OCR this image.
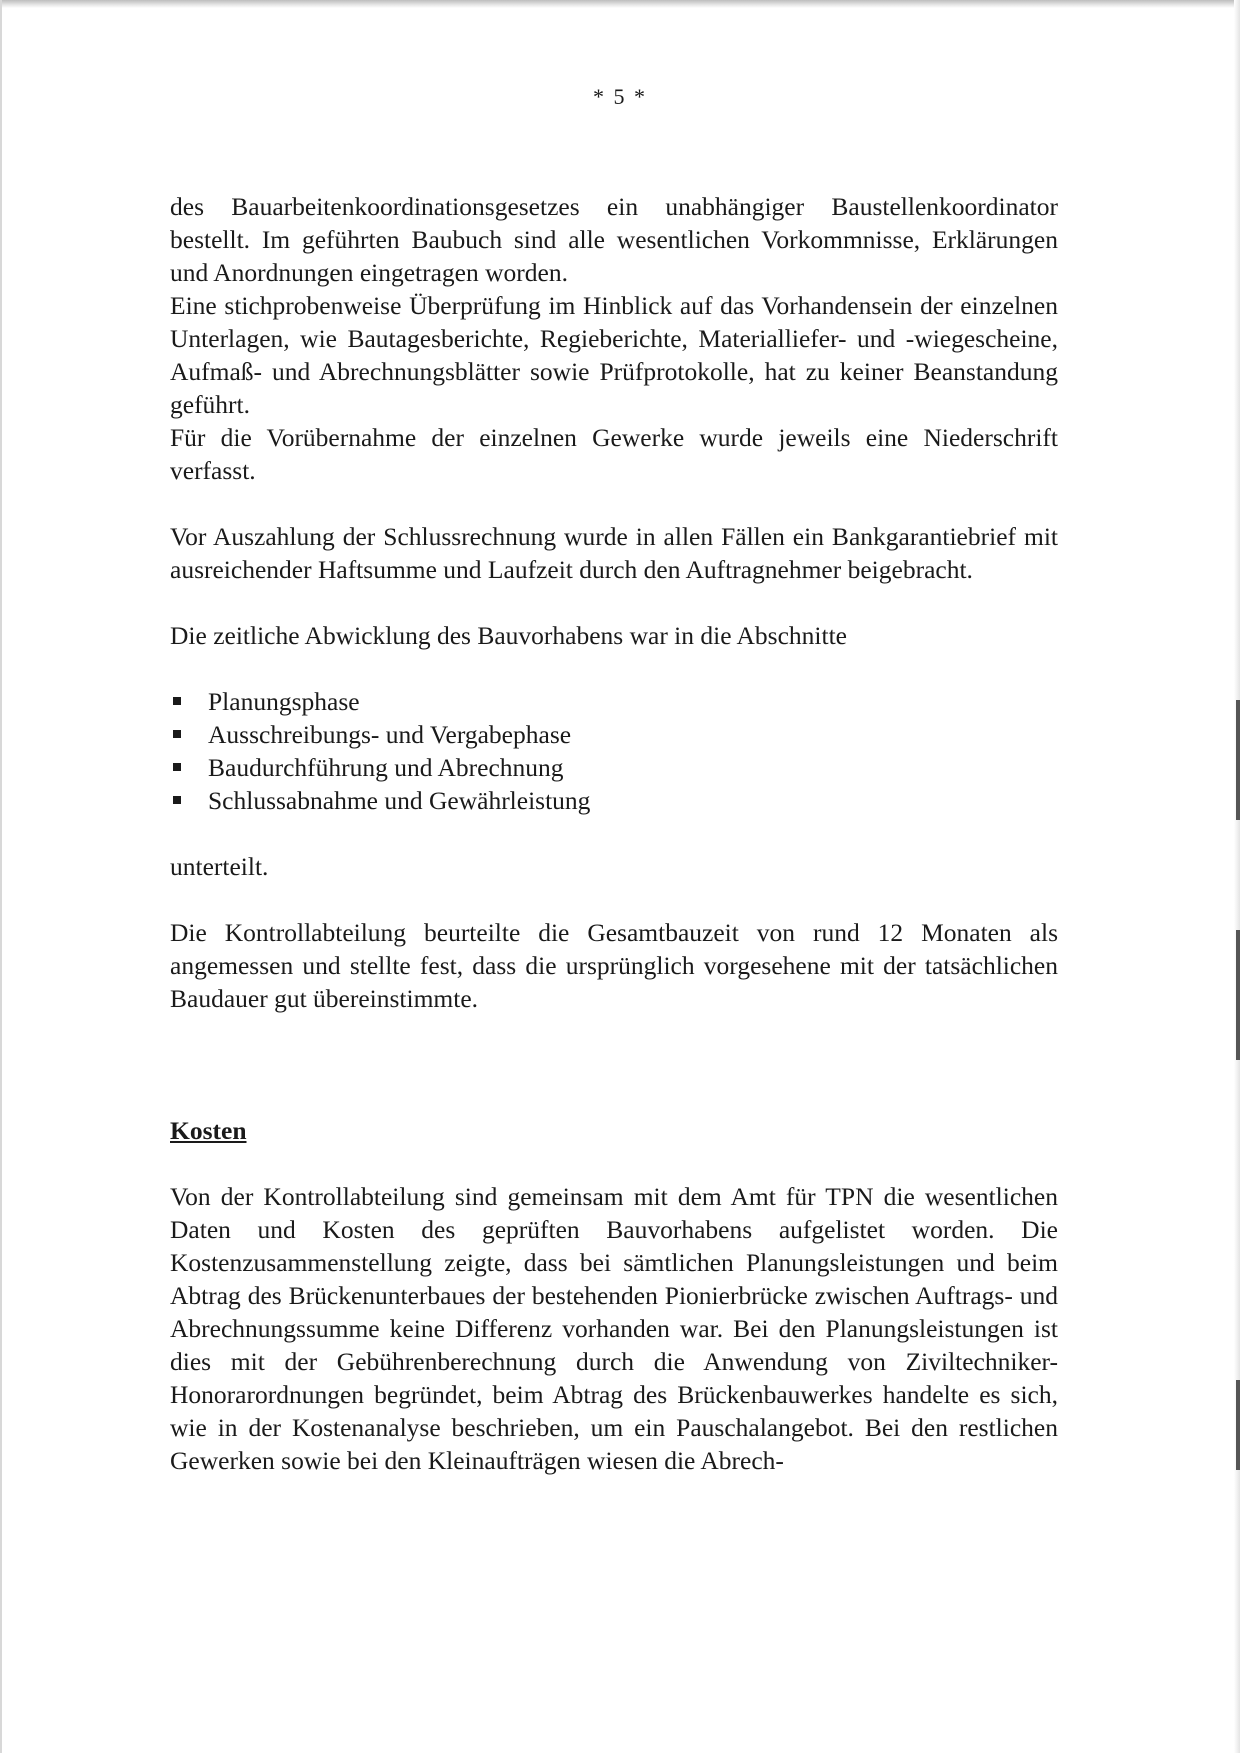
* 5 *

des Bauarbeitenkoordinationsgesetzes ein unabhängiger Baustellenkoordinator bestellt. Im geführten Baubuch sind alle wesentlichen Vorkommnisse, Erklärungen und Anordnungen eingetragen worden.

Eine stichprobenweise Überprüfung im Hinblick auf das Vorhandensein der einzelnen Unterlagen, wie Bautagesberichte, Regieberichte, Materialliefer- und -wiegescheine, Aufmaß- und Abrechnungsblätter sowie Prüfprotokolle, hat zu keiner Beanstandung geführt.

Für die Vorübernahme der einzelnen Gewerke wurde jeweils eine Niederschrift verfasst.

Vor Auszahlung der Schlussrechnung wurde in allen Fällen ein Bankgarantiebrief mit ausreichender Haftsumme und Laufzeit durch den Auftragnehmer beigebracht.

Die zeitliche Abwicklung des Bauvorhabens war in die Abschnitte

Planungsphase
Ausschreibungs- und Vergabephase
Baudurchführung und Abrechnung
Schlussabnahme und Gewährleistung

unterteilt.

Die Kontrollabteilung beurteilte die Gesamtbauzeit von rund 12 Monaten als angemessen und stellte fest, dass die ursprünglich vorgesehene mit der tatsächlichen Baudauer gut übereinstimmte.

Kosten

Von der Kontrollabteilung sind gemeinsam mit dem Amt für TPN die wesentlichen Daten und Kosten des geprüften Bauvorhabens aufgelistet worden. Die Kostenzusammenstellung zeigte, dass bei sämtlichen Planungsleistungen und beim Abtrag des Brückenunterbaues der bestehenden Pionierbrücke zwischen Auftrags- und Abrechnungssumme keine Differenz vorhanden war. Bei den Planungsleistungen ist dies mit der Gebührenberechnung durch die Anwendung von Ziviltechniker-Honorarordnungen begründet, beim Abtrag des Brückenbauwerkes handelte es sich, wie in der Kostenanalyse beschrieben, um ein Pauschalangebot. Bei den restlichen Gewerken sowie bei den Kleinaufträgen wiesen die Abrech-
